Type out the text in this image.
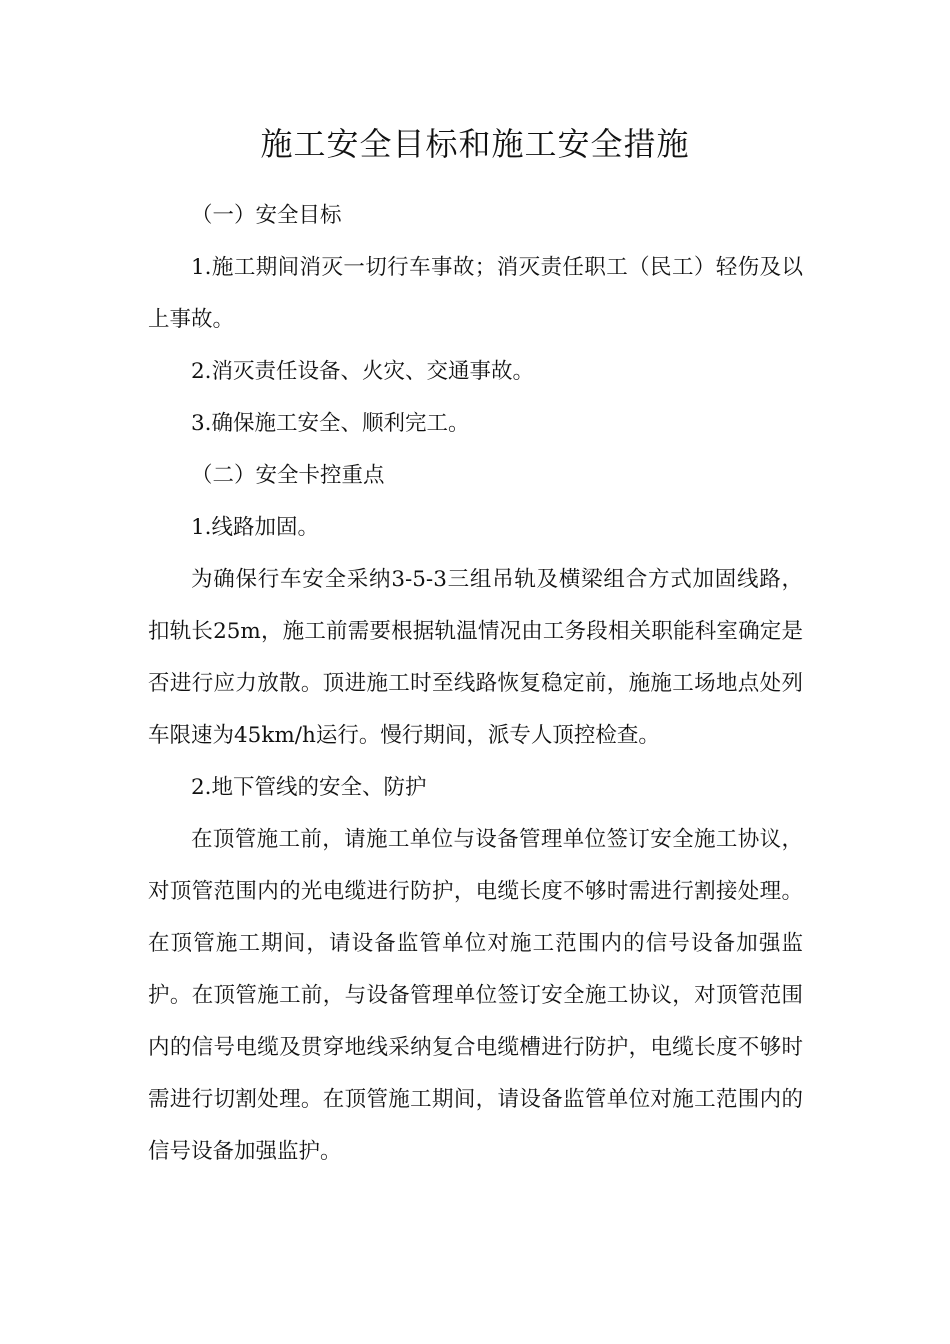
施工安全目标和施工安全措施

（一）安全目标

1.施工期间消灭一切行车事故；消灭责任职工（民工）轻伤及以上事故。

2.消灭责任设备、火灾、交通事故。

3.确保施工安全、顺利完工。

（二）安全卡控重点

1.线路加固。

为确保行车安全采纳3-5-3三组吊轨及横梁组合方式加固线路，扣轨长25m，施工前需要根据轨温情况由工务段相关职能科室确定是否进行应力放散。顶进施工时至线路恢复稳定前，施施工场地点处列车限速为45km/h运行。慢行期间，派专人顶控检查。

2.地下管线的安全、防护

在顶管施工前，请施工单位与设备管理单位签订安全施工协议，对顶管范围内的光电缆进行防护，电缆长度不够时需进行割接处理。在顶管施工期间，请设备监管单位对施工范围内的信号设备加强监护。在顶管施工前，与设备管理单位签订安全施工协议，对顶管范围内的信号电缆及贯穿地线采纳复合电缆槽进行防护，电缆长度不够时需进行切割处理。在顶管施工期间，请设备监管单位对施工范围内的信号设备加强监护。
